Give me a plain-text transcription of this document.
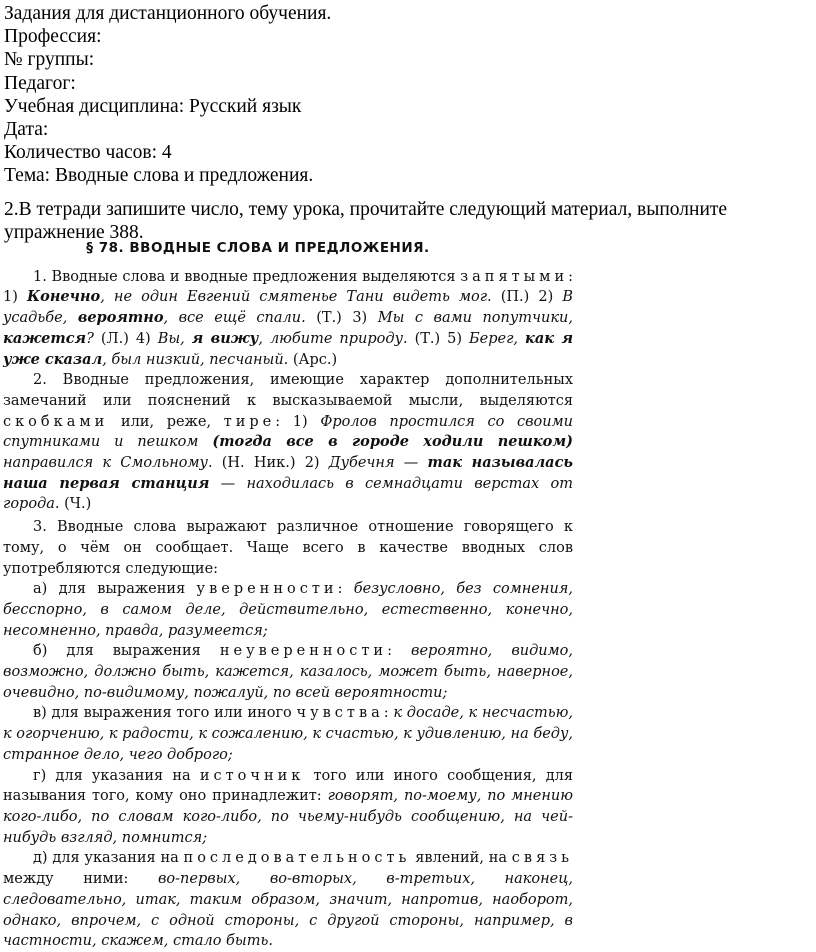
Задания для дистанционного обучения.
Профессия:
№ группы:
Педагог:
Учебная дисциплина: Русский язык
Дата:
Количество часов: 4
Тема: Вводные слова и предложения.
2.В тетради запишите число, тему урока, прочитайте следующий материал, выполните упражнение 388.
§ 78. ВВОДНЫЕ СЛОВА И ПРЕДЛОЖЕНИЯ.

1. Вводные слова и вводные предложения выделяются запятыми: 1) Конечно, не один Евгений смятенье Тани видеть мог. (П.) 2) В усадьбе, вероятно, все ещё спали. (Т.) 3) Мы с вами попутчики, кажется? (Л.) 4) Вы, я вижу, любите природу. (Т.) 5) Берег, как я уже сказал, был низкий, песчаный. (Арс.)

2. Вводные предложения, имеющие характер дополнительных замечаний или пояснений к высказываемой мысли, выделяются скобками или, реже, тире: 1) Фролов простился со своими спутниками и пешком (тогда все в городе ходили пешком) направился к Смольному. (Н. Ник.) 2) Дубечня — так называлась наша первая станция — находилась в семнадцати верстах от города. (Ч.)

3. Вводные слова выражают различное отношение говорящего к тому, о чём он сообщает. Чаще всего в качестве вводных слов употребляются следующие:

а) для выражения уверенности: безусловно, без сомнения, бесспорно, в самом деле, действительно, естественно, конечно, несомненно, правда, разумеется;

б) для выражения неуверенности: вероятно, видимо, возможно, должно быть, кажется, казалось, может быть, наверное, очевидно, по-видимому, пожалуй, по всей вероятности;

в) для выражения того или иного чувства: к досаде, к несчастью, к огорчению, к радости, к сожалению, к счастью, к удивлению, на беду, странное дело, чего доброго;

г) для указания на источник того или иного сообщения, для называния того, кому оно принадлежит: говорят, по-моему, по мнению кого-либо, по словам кого-либо, по чьему-нибудь сообщению, на чей-нибудь взгляд, помнится;

д) для указания на последовательность явлений, на связь между ними: во-первых, во-вторых, в-третьих, наконец, следовательно, итак, таким образом, значит, напротив, наоборот, однако, впрочем, с одной стороны, с другой стороны, например, в частности, скажем, стало быть.
